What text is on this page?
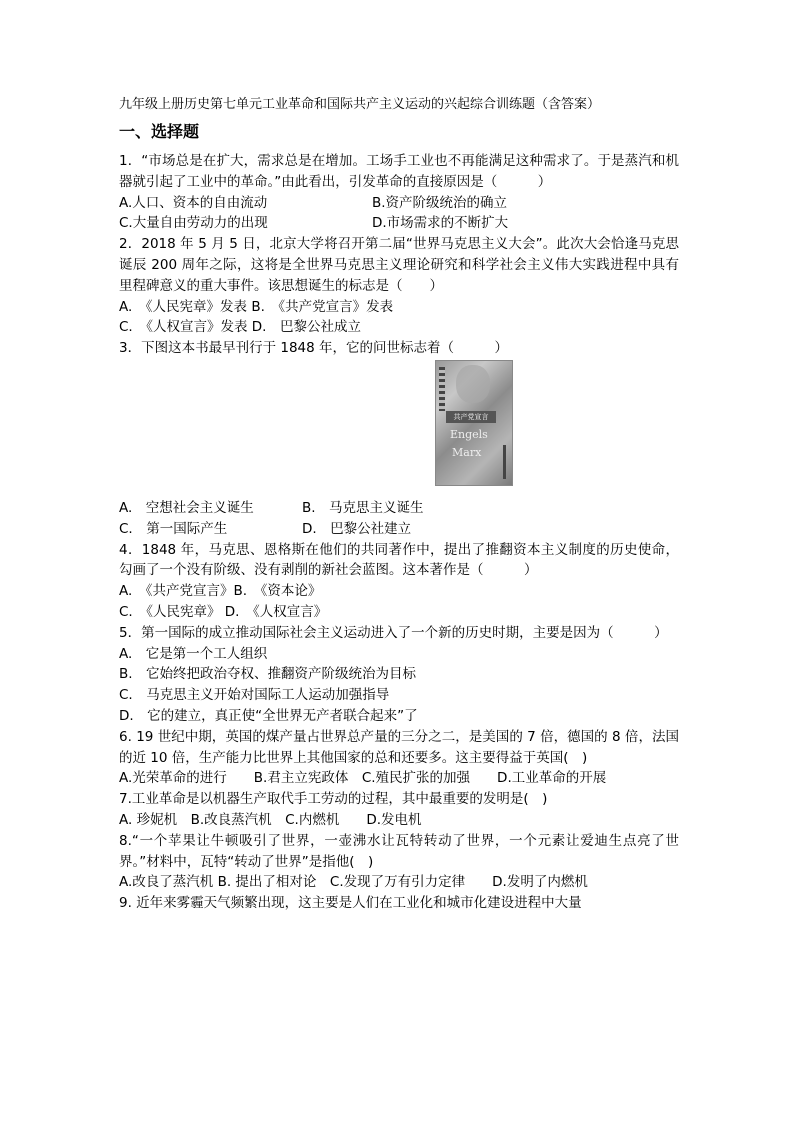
九年级上册历史第七单元工业革命和国际共产主义运动的兴起综合训练题（含答案）
一、选择题

1．“市场总是在扩大，需求总是在增加。工场手工业也不再能满足这种需求了。于是蒸汽和机器就引起了工业中的革命。”由此看出，引发革命的直接原因是（　　　）

A.人口、资本的自由流动	B.资产阶级统治的确立
C.大量自由劳动力的出现	D.市场需求的不断扩大

2．2018 年 5 月 5 日，北京大学将召开第二届“世界马克思主义大会”。此次大会恰逢马克思诞辰 200 周年之际，这将是全世界马克思主义理论研究和科学社会主义伟大实践进程中具有里程碑意义的重大事件。该思想诞生的标志是（　　）

A.　《人民宪章》发表 B.　《共产党宣言》发表
C.　《人权宣言》发表 D.　巴黎公社成立

3．下图这本书最早刊行于 1848 年，它的问世标志着（　　　）

共产党宣言
Engels
Marx
A.　空想社会主义诞生	B.　马克思主义诞生
C.　第一国际产生	D.　巴黎公社建立

4．1848 年，马克思、恩格斯在他们的共同著作中，提出了推翻资本主义制度的历史使命，勾画了一个没有阶级、没有剥削的新社会蓝图。这本著作是（　　　）

A.　《共产党宣言》B.　《资本论》
C.　《人民宪章》 D.　《人权宣言》

5．第一国际的成立推动国际社会主义运动进入了一个新的历史时期，主要是因为（　　　）

A.　它是第一个工人组织
B.　它始终把政治夺权、推翻资产阶级统治为目标
C.　马克思主义开始对国际工人运动加强指导
D.　它的建立，真正使“全世界无产者联合起来”了

6. 19 世纪中期，英国的煤产量占世界总产量的三分之二，是美国的 7 倍，德国的 8 倍，法国的近 10 倍，生产能力比世界上其他国家的总和还要多。这主要得益于英国(　)

A.光荣革命的进行　　B.君主立宪政体　C.殖民扩张的加强　　D.工业革命的开展

7.工业革命是以机器生产取代手工劳动的过程，其中最重要的发明是(　)

A. 珍妮机　B.改良蒸汽机　C.内燃机　　D.发电机

8.“一个苹果让牛顿吸引了世界，一壶沸水让瓦特转动了世界，一个元素让爱迪生点亮了世界。”材料中，瓦特“转动了世界”是指他(　)

A.改良了蒸汽机 B. 提出了相对论　C.发现了万有引力定律　　D.发明了内燃机

9. 近年来雾霾天气频繁出现，这主要是人们在工业化和城市化建设进程中大量
